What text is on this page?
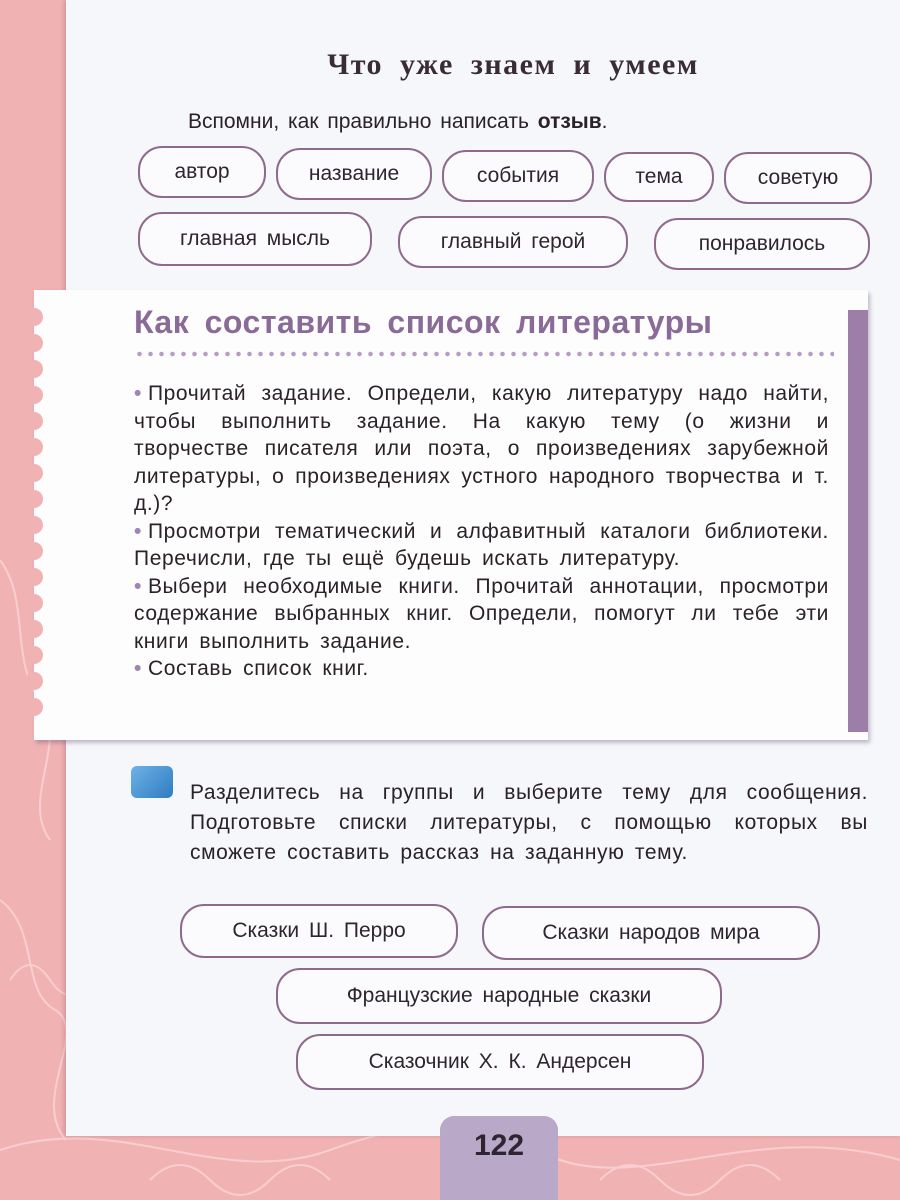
Что уже знаем и умеем
Вспомни, как правильно написать отзыв.
автор	название	события	тема	советую
главная мысль	главный герой	понравилось
Разделитесь на группы и выберите тему для сообщения. Подготовьте списки литературы, с помощью которых вы сможете составить рассказ на заданную тему.
Сказки Ш. Перро	Сказки народов мира
Французские народные сказки
Сказочник Х. К. Андерсен
Как составить список литературы

• Прочитай задание. Определи, какую литературу надо найти, чтобы выполнить задание. На какую тему (о жизни и творчестве писателя или поэта, о произведениях зарубежной литературы, о произведениях устного народного творчества и т. д.)?

• Просмотри тематический и алфавитный каталоги библиотеки. Перечисли, где ты ещё будешь искать литературу.

• Выбери необходимые книги. Прочитай аннотации, просмотри содержание выбранных книг. Определи, помогут ли тебе эти книги выполнить задание.

• Составь список книг.

122
